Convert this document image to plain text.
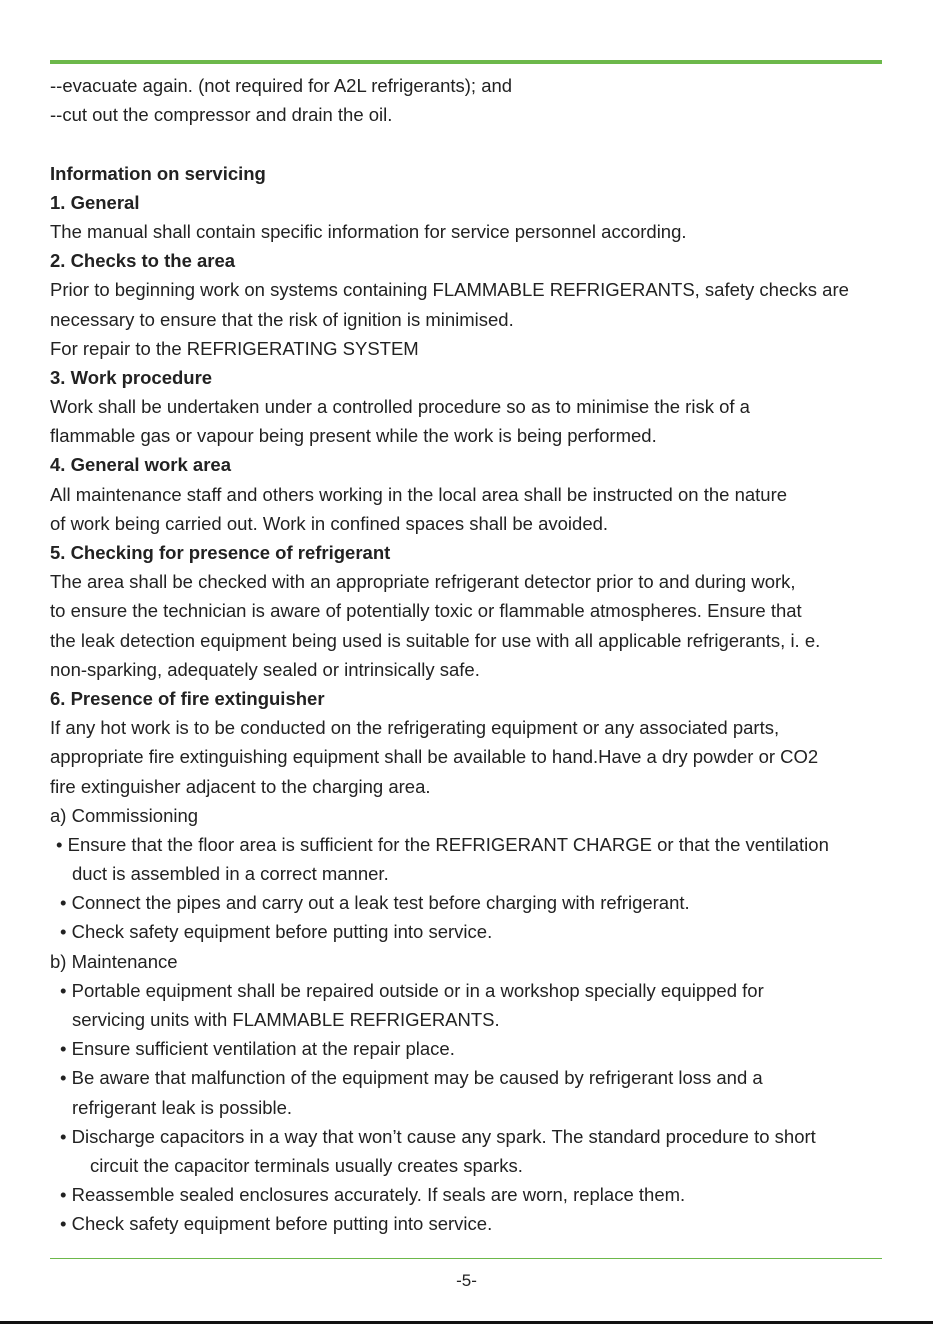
--evacuate again. (not required for A2L refrigerants); and
--cut out the compressor and drain the oil.
Information on servicing
1. General
The manual shall contain specific information for service personnel according.
2. Checks to the area
Prior to beginning work on systems containing FLAMMABLE REFRIGERANTS, safety checks are
necessary to ensure that the risk of ignition is minimised.
For repair to the REFRIGERATING SYSTEM
3. Work procedure
Work shall be undertaken under a controlled procedure so as to minimise the risk of a
flammable gas or vapour being present while the work is being performed.
4. General work area
All maintenance staff and others working in the local area shall be instructed on the nature
of work being carried out. Work in confined spaces shall be avoided.
5. Checking for presence of refrigerant
The area shall be checked with an appropriate refrigerant detector prior to and during work,
to ensure the technician is aware of potentially toxic or flammable atmospheres. Ensure that
the leak detection equipment being used is suitable for use with all applicable refrigerants, i. e.
non-sparking, adequately sealed or intrinsically safe.
6. Presence of fire extinguisher
If any hot work is to be conducted on the refrigerating equipment or any associated parts,
appropriate fire extinguishing equipment shall be available to hand.Have a dry powder or CO2
fire extinguisher adjacent to the charging area.
a) Commissioning
• Ensure that the floor area is sufficient for the REFRIGERANT CHARGE or that the ventilation
duct is assembled in a correct manner.
• Connect the pipes and carry out a leak test before charging with refrigerant.
• Check safety equipment before putting into service.
b) Maintenance
• Portable equipment shall be repaired outside or in a workshop specially equipped for
servicing units with FLAMMABLE REFRIGERANTS.
• Ensure sufficient ventilation at the repair place.
• Be aware that malfunction of the equipment may be caused by refrigerant loss and a
refrigerant leak is possible.
• Discharge capacitors in a way that won’t cause any spark. The standard procedure to short
circuit the capacitor terminals usually creates sparks.
• Reassemble sealed enclosures accurately. If seals are worn, replace them.
• Check safety equipment before putting into service.
-5-
